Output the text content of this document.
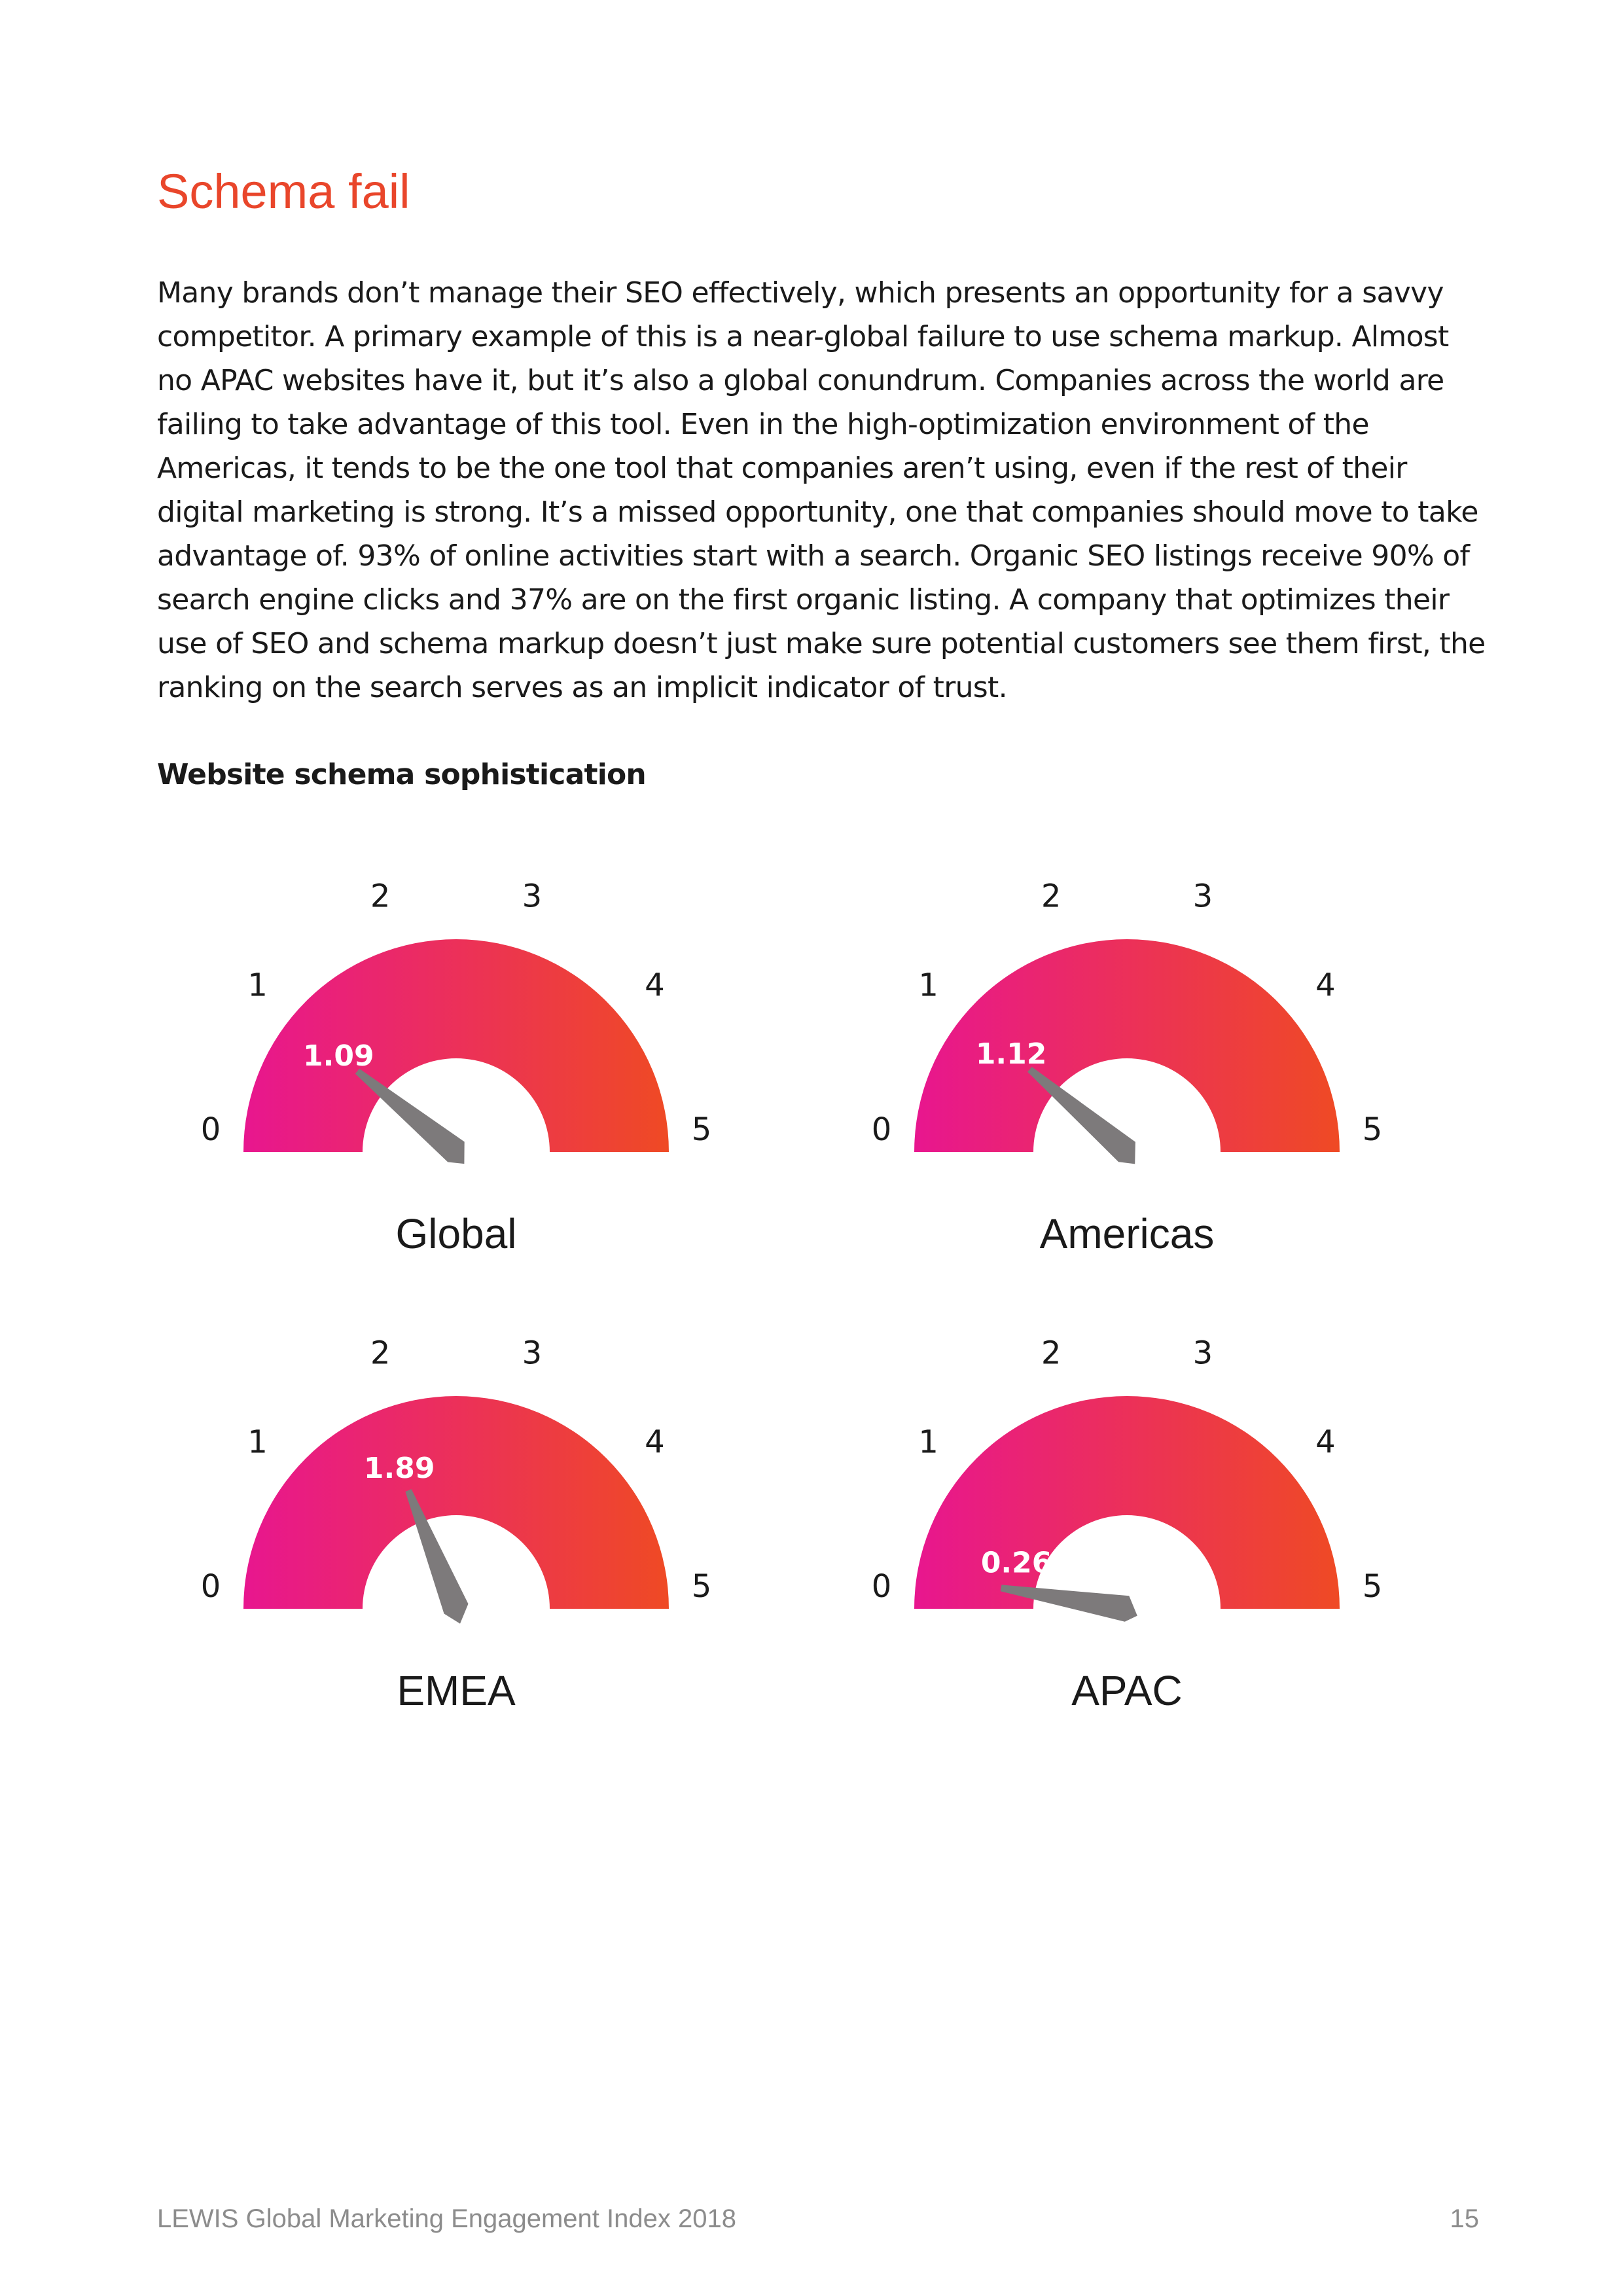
Schema fail

Many brands don’t manage their SEO effectively, which presents an opportunity for a savvy competitor. A primary example of this is a near-global failure to use schema markup. Almost no APAC websites have it, but it’s also a global conundrum. Companies across the world are failing to take advantage of this tool. Even in the high-optimization environment of the Americas, it tends to be the one tool that companies aren’t using, even if the rest of their digital marketing is strong. It’s a missed opportunity, one that companies should move to take advantage of. 93% of online activities start with a search. Organic SEO listings receive 90% of search engine clicks and 37% are on the first organic listing. A company that optimizes their use of SEO and schema markup doesn’t just make sure potential customers see them first, the ranking on the search serves as an implicit indicator of trust.

Website schema sophistication
0
1
2	3
4
5
1.09
Global
0
1
2	3
4
5
1.12
Americas
0
1
2	3
4
5
1.89
EMEA
0
1
2	3
4
5
0.26
APAC
LEWIS Global Marketing Engagement Index 2018	15
